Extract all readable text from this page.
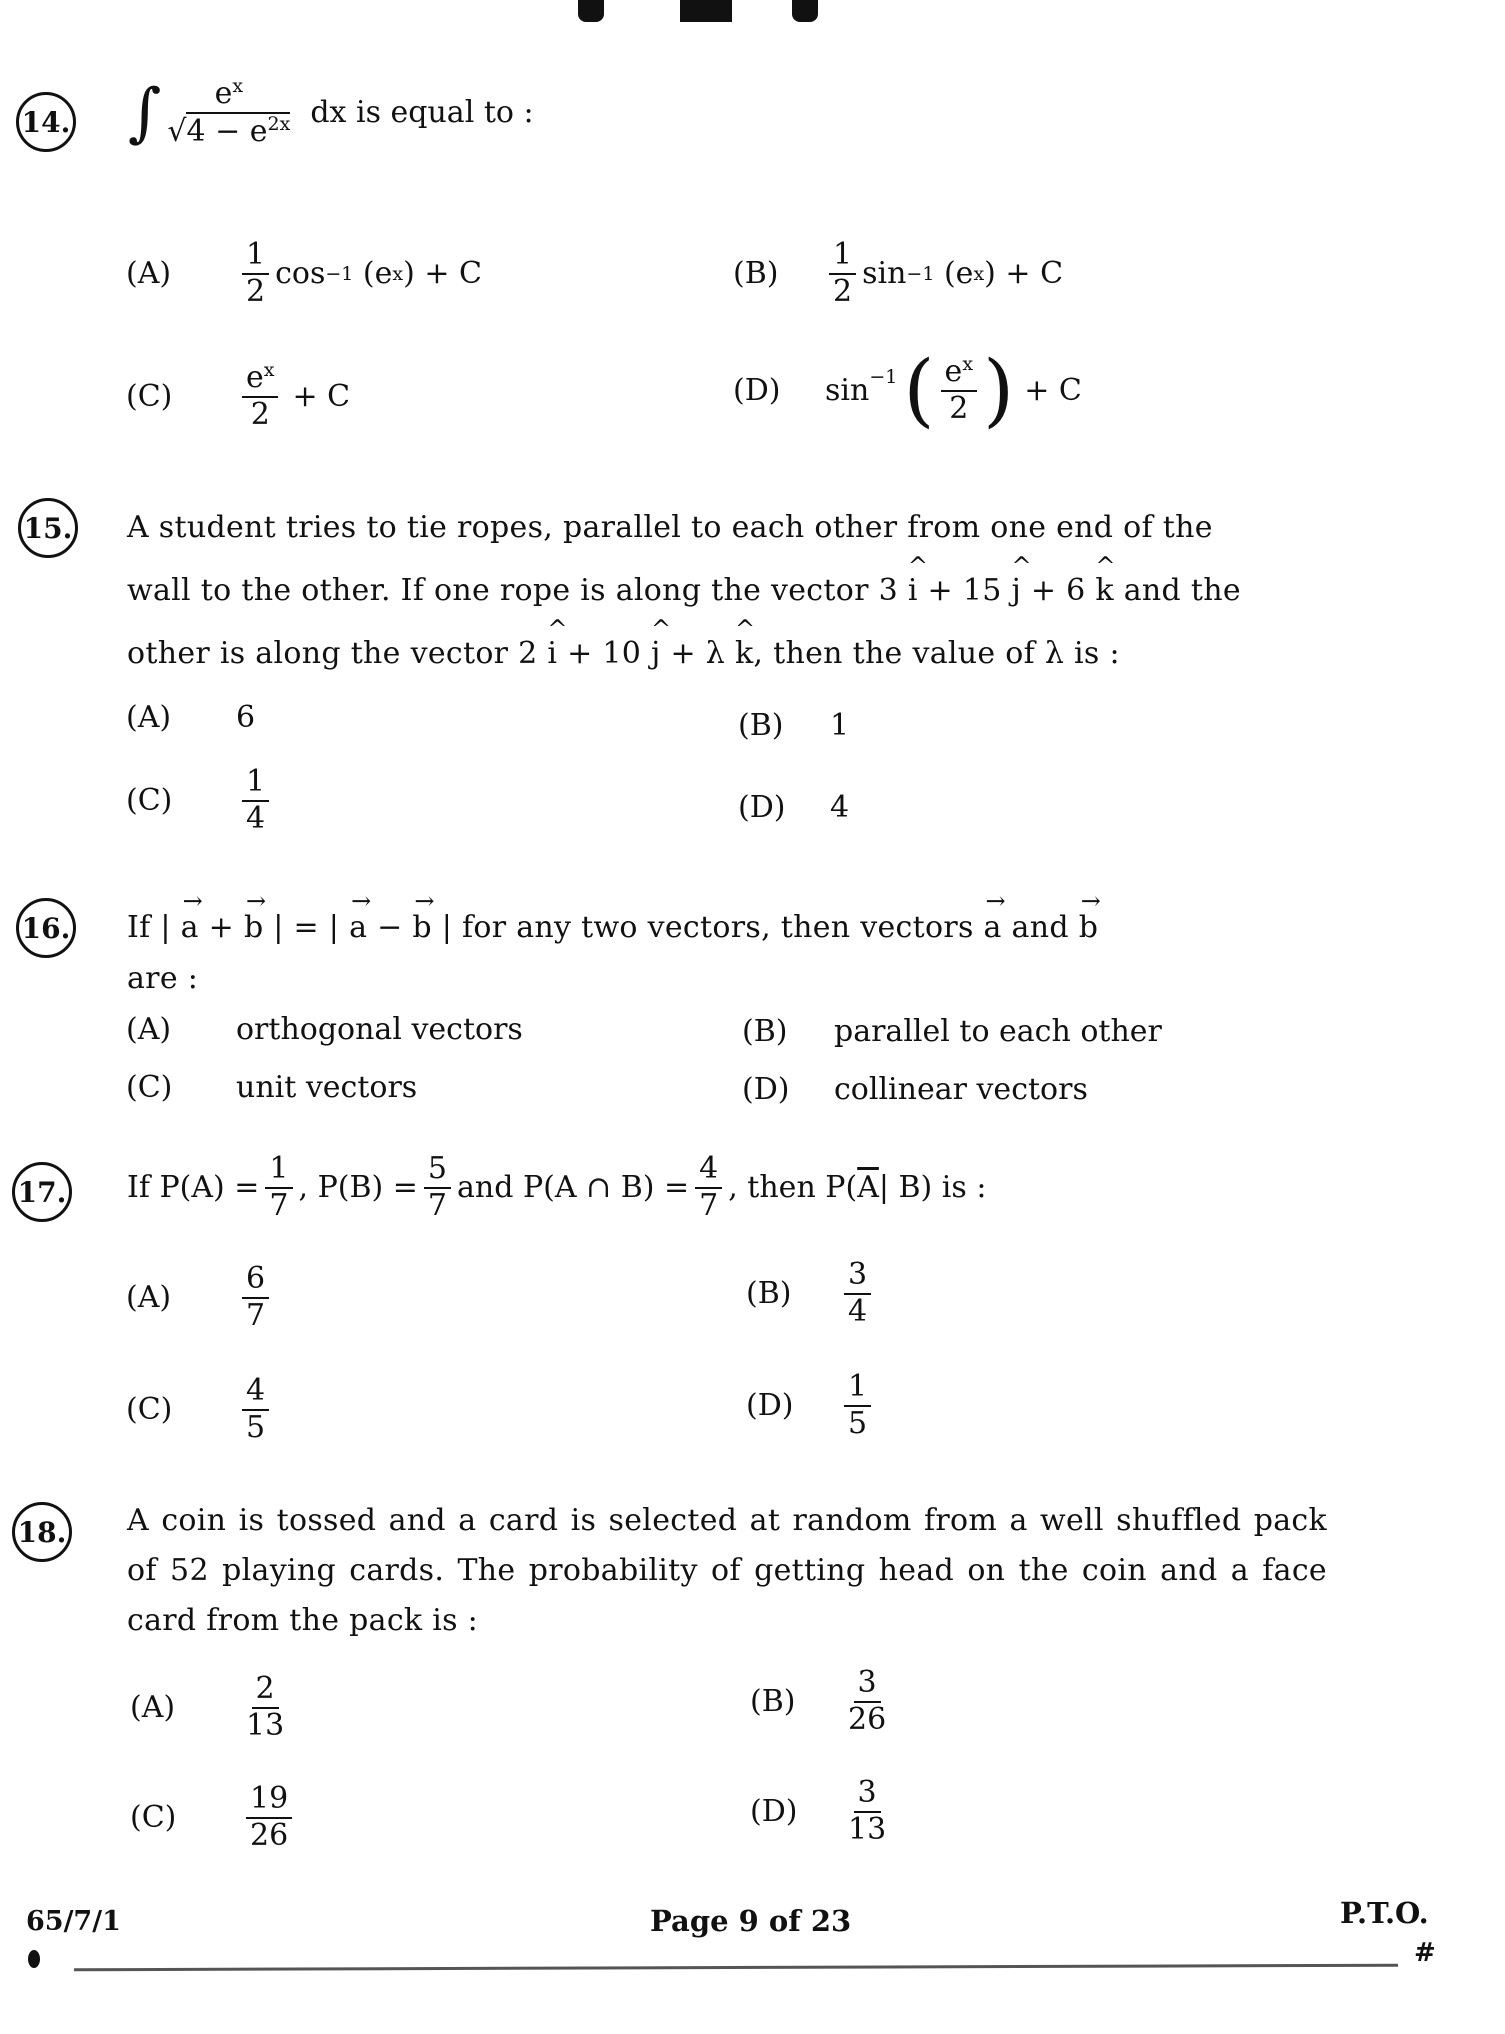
14. ∫ $\frac{e^x}{√4 - e^{2x}}$ dx is equal to :
(A)	$\frac{1}{2}$ cos −1
(e x ) + C	(B)	$\frac{1}{2}$ sin −1
(e x ) + C
(C)	$\frac{e^x}{2} + C$	(D)	$\sin^{-1}$ ( $\frac{e^x}{2}$ ) + C
15. A student tries to tie ropes, parallel to each other from one end of the
wall to the other. If one rope is along the vector 3 ^ i + 15 ^ j + 6 ^ k and the
other is along the vector 2 ^ i + 10 ^ j + λ ^ k, then the value of λ is :
(A) 6	(B) 1
(C)	$\frac{1}{4}$	(D) 4
16. If | → a + → b | = | → a − → b | for any two vectors, then vectors → a and → b
are :
(A) orthogonal vectors	(B) parallel to each other
(C) unit vectors	(D) collinear vectors
17. If $P(A) = \frac{1}{7}$ , $P(B) = \frac{5}{7}$ and P(A ∩ $B) = \frac{4}{7}$ , then P( $\overline{A}$ | B) is :
(A)	$\frac{6}{7}$	(B)	$\frac{3}{4}$
(C)	$\frac{4}{5}$	(D)	$\frac{1}{5}$
18. A coin is tossed and a card is selected at random from a well shuffled pack of 52 playing cards. The probability of getting head on the coin and a face card from the pack is :
(A)	$\frac{2}{13}$	(B)	$\frac{3}{26}$
(C)	$\frac{19}{26}$	(D)	$\frac{3}{13}$
65/7/1	Page 9 of 23	P.T.O.
#
